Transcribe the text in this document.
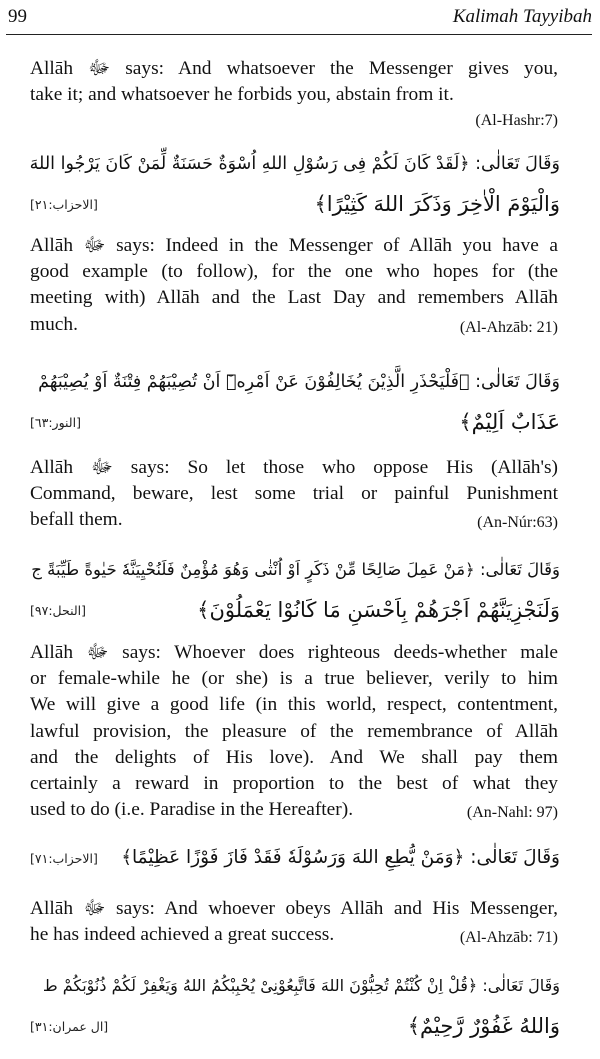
99	Kalimah Tayyibah
Allāh ﷻ says: And whatsoever the Messenger gives you,
take it; and whatsoever he forbids you, abstain from it.
(Al-Hashr:7)
وَقَالَ تَعَالٰى: ﴿لَقَدْ كَانَ لَكُمْ فِى رَسُوْلِ اللهِ اُسْوَةٌ حَسَنَةٌ لِّمَنْ كَانَ يَرْجُوا اللهَ
وَالْيَوْمَ الْاٰخِرَ وَذَكَرَ اللهَ كَثِيْرًا﴾
[الاحزاب:٢١]
Allāh ﷻ says: Indeed in the Messenger of Allāh you have a
good example (to follow), for the one who hopes for (the
meeting with) Allāh and the Last Day and remembers Allāh
much.	(Al-Ahzāb: 21)
وَقَالَ تَعَالٰى: ﴿فَلْيَحْذَرِ الَّذِيْنَ يُخَالِفُوْنَ عَنْ اَمْرِهٖٓ اَنْ تُصِيْبَهُمْ فِتْنَةٌ اَوْ يُصِيْبَهُمْ
عَذَابٌ اَلِيْمٌ﴾
[النور:٦٣]
Allāh ﷻ says: So let those who oppose His (Allāh's)
Command, beware, lest some trial or painful Punishment
befall them.	(An-Núr:63)
وَقَالَ تَعَالٰى: ﴿مَنْ عَمِلَ صَالِحًا مِّنْ ذَكَرٍ اَوْ اُنْثٰى وَهُوَ مُؤْمِنٌ فَلَنُحْيِيَنَّهٗ حَيٰوةً طَيِّبَةً ج
وَلَنَجْزِيَنَّهُمْ اَجْرَهُمْ بِاَحْسَنِ مَا كَانُوْا يَعْمَلُوْنَ﴾
[النحل:٩٧]
Allāh ﷻ says: Whoever does righteous deeds-whether male
or female-while he (or she) is a true believer, verily to him
We will give a good life (in this world, respect, contentment,
lawful provision, the pleasure of the remembrance of Allāh
and the delights of His love). And We shall pay them
certainly a reward in proportion to the best of what they
used to do (i.e. Paradise in the Hereafter).	(An-Nahl: 97)
وَقَالَ تَعَالٰى: ﴿وَمَنْ يُّطِعِ اللهَ وَرَسُوْلَهٗ فَقَدْ فَازَ فَوْزًا عَظِيْمًا﴾
[الاحزاب:٧١]
Allāh ﷻ says: And whoever obeys Allāh and His Messenger,
he has indeed achieved a great success.	(Al-Ahzāb: 71)
وَقَالَ تَعَالٰى: ﴿قُلْ اِنْ كُنْتُمْ تُحِبُّوْنَ اللهَ فَاتَّبِعُوْنِىْ يُحْبِبْكُمُ اللهُ وَيَغْفِرْ لَكُمْ ذُنُوْبَكُمْ ط
وَاللهُ غَفُوْرٌ رَّحِيْمٌ﴾
[ال عمران:٣١]
